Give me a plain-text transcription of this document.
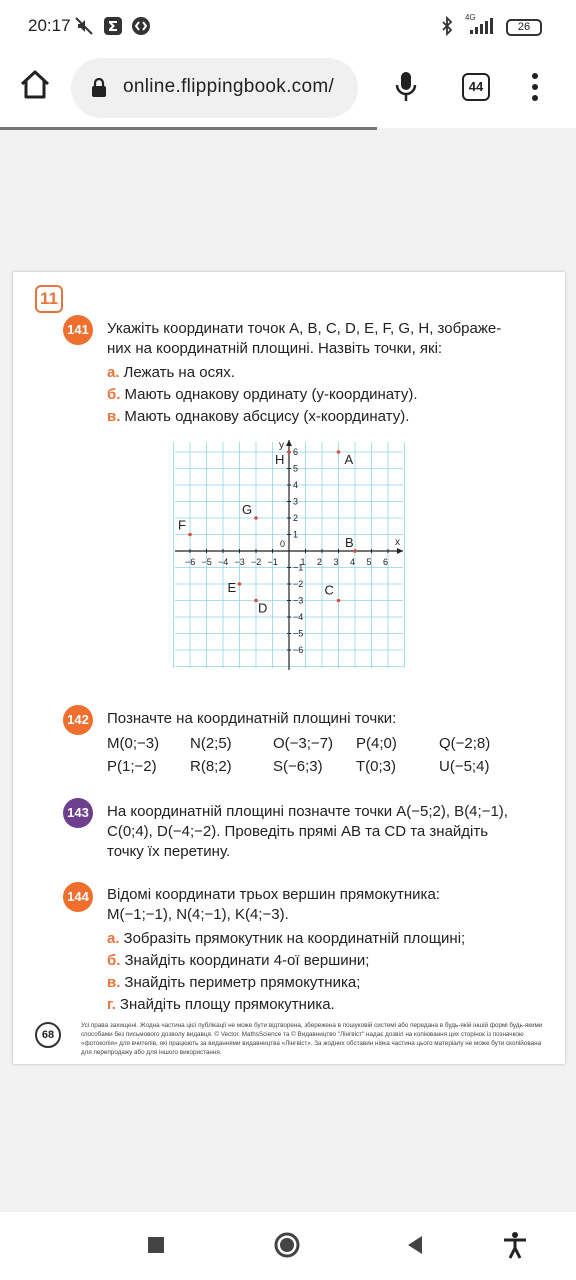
20:17	4G
26
online.flippingbook.com/	44
11
141 Укажіть координати точок A, B, C, D, E, F, G, H, зображе-
них на координатній площині. Назвіть точки, які:
а. Лежать на осях.
б. Мають однакову ординату (y-координату).
в. Мають однакову абсцису (x-координату).
x
y
0
−6 −5 −4 −3 −2 −1	1 2 3 4 5 6
6
5
4
3
2
1
−1
−2
−3
−4
−5
−6
A
B
C
D
E
F
G
H
142 Позначте на координатній площині точки:
M(0;−3) N(2;5)	O(−3;−7) P(4;0)	Q(−2;8)
P(1;−2) R(8;2)	S(−6;3) T(0;3)	U(−5;4)
143 На координатній площині позначте точки A(−5;2), B(4;−1),
C(0;4), D(−4;−2). Проведіть прямі AB та CD та знайдіть
точку їх перетину.
144 Відомі координати трьох вершин прямокутника:
M(−1;−1), N(4;−1), K(4;−3).
а. Зобразіть прямокутник на координатній площині;
б. Знайдіть координати 4-ої вершини;
в. Знайдіть периметр прямокутника;
г. Знайдіть площу прямокутника.
68
Усі права захищені. Жодна частина цієї публікації не може бути відтворена, збережена в пошуковій системі або передана в будь-якій іншій формі будь-якими способами без письмового дозволу видавця. © Vector. MathsScience та © Видавництво "Лінгвіст" надає дозвіл на копіювання цих сторінок із позначкою «фотокопія» для вчителів, які працюють за виданнями видавництва «Лінгвіст». За жодних обставин ніяка частина цього матеріалу не може бути скопійована для перепродажу або для іншого використання.
